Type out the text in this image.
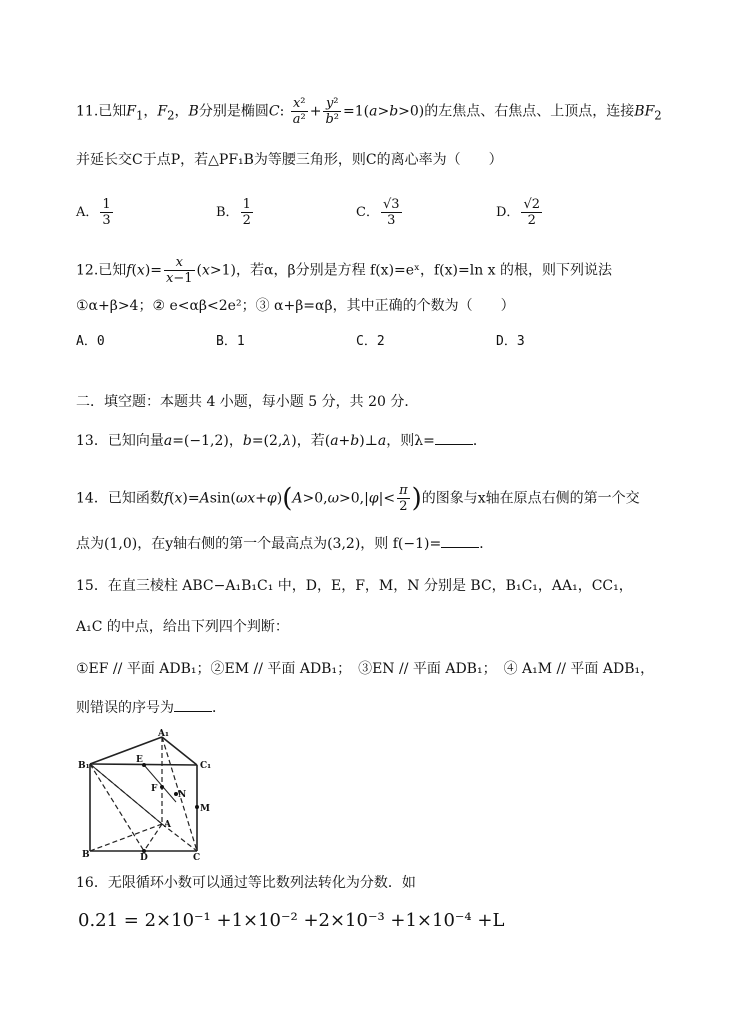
11.已知$F_1$，$F_2$，B分别是椭圆C: $\frac{\text{x²}}{\text{a²}} + \frac{\text{y²}}{\text{b²}} =1(a>b>0)$的左焦点、右焦点、上顶点，连接$BF_2$
并延长交C于点P，若△PF₁B为等腰三角形，则C的离心率为（　　）
A． $\frac{1}{3}$	B． $\frac{1}{2}$	C． $\frac{√3}{3}$	D． $\frac{√2}{2}$
12.已知$f(x)= \frac{x}{x-1} (x>1)$，若α，β分别是方程 f(x)=eˣ，f(x)=ln x 的根，则下列说法
①α+β>4；② e<αβ<2e²；③ α+β=αβ，其中正确的个数为（　　）
A．0	B．1	C．2	D．3
二．填空题：本题共 4 小题，每小题 5 分，共 20 分．
13．已知向量a=(−1,2)，b=(2,λ)，若(a+b)⊥a，则λ=	．
14．已知函数$f(x)=Asin(\omega x+\varphi)(A>0,\omega>0,|\varphi|< \frac{\pi}{2}$ )的图象与x轴在原点右侧的第一个交
点为(1,0)，在y轴右侧的第一个最高点为(3,2)，则 f(−1)=	．
15．在直三棱柱 ABC−A₁B₁C₁ 中，D，E，F，M，N 分别是 BC，B₁C₁，AA₁，CC₁，
A₁C 的中点，给出下列四个判断：
①EF // 平面 ADB₁；②EM // 平面 ADB₁；　③EN // 平面 ADB₁；　④ A₁M // 平面 ADB₁，
则错误的序号为	．
A₁
B₁	C₁
E
F
N
M
A
B	D	C
16．无限循环小数可以通过等比数列法转化为分数．如
0.21 = 2×10⁻¹ +1×10⁻² +2×10⁻³ +1×10⁻⁴ +L
